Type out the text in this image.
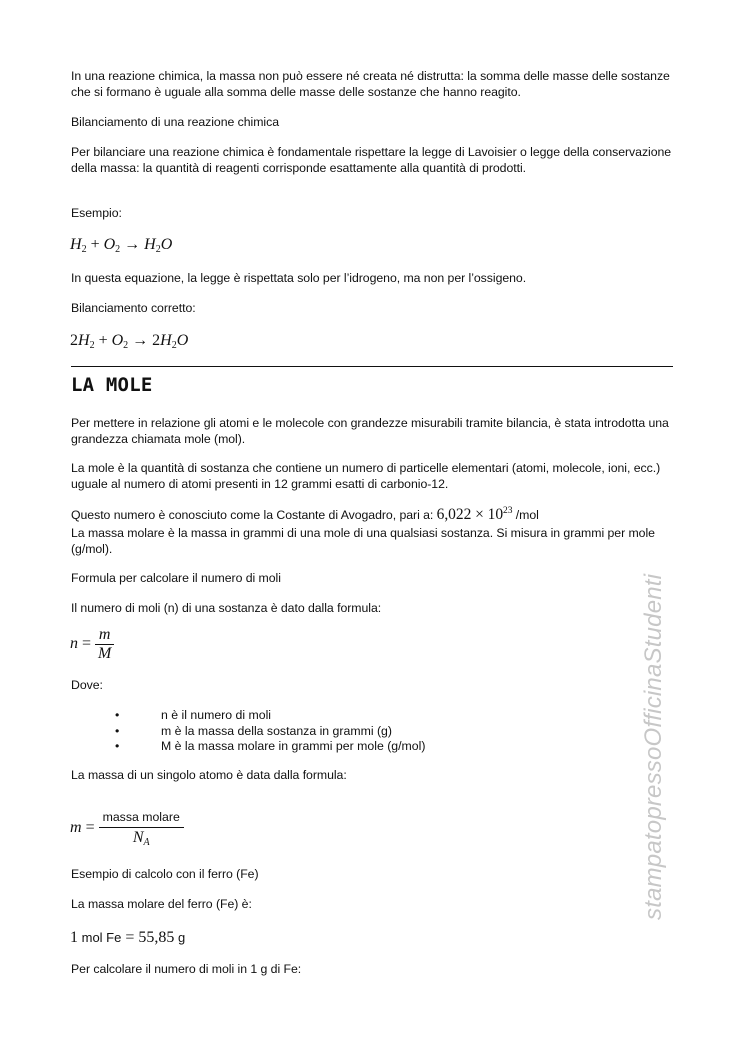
In una reazione chimica, la massa non può essere né creata né distrutta: la somma delle masse delle sostanze che si formano è uguale alla somma delle masse delle sostanze che hanno reagito.

Bilanciamento di una reazione chimica

Per bilanciare una reazione chimica è fondamentale rispettare la legge di Lavoisier o legge della conservazione della massa: la quantità di reagenti corrisponde esattamente alla quantità di prodotti.

Esempio:

$H_2 + O_2 \to H_2O$

In questa equazione, la legge è rispettata solo per l’idrogeno, ma non per l’ossigeno.

Bilanciamento corretto:

$2H_2 + O_2 \to 2H_2O$
LA MOLE

Per mettere in relazione gli atomi e le molecole con grandezze misurabili tramite bilancia, è stata introdotta una grandezza chiamata mole (mol).

La mole è la quantità di sostanza che contiene un numero di particelle elementari (atomi, molecole, ioni, ecc.) uguale al numero di atomi presenti in 12 grammi esatti di carbonio-12.

Questo numero è conosciuto come la Costante di Avogadro, pari a: $6,022 \times 10^{23}$ /mol

La massa molare è la massa in grammi di una mole di una qualsiasi sostanza. Si misura in grammi per mole (g/mol).

Formula per calcolare il numero di moli

Il numero di moli (n) di una sostanza è dato dalla formula:

$n = \frac{m}{M}$

Dove:

•	n è il numero di moli
•	m è la massa della sostanza in grammi (g)
•	M è la massa molare in grammi per mole (g/mol)

La massa di un singolo atomo è data dalla formula:

$m = \frac{\text{massa molare}}{N_A}$

Esempio di calcolo con il ferro (Fe)

La massa molare del ferro (Fe) è:

1 mol Fe = 55,85 g

Per calcolare il numero di moli in 1 g di Fe:

stampatopressoOfficinaStudenti
